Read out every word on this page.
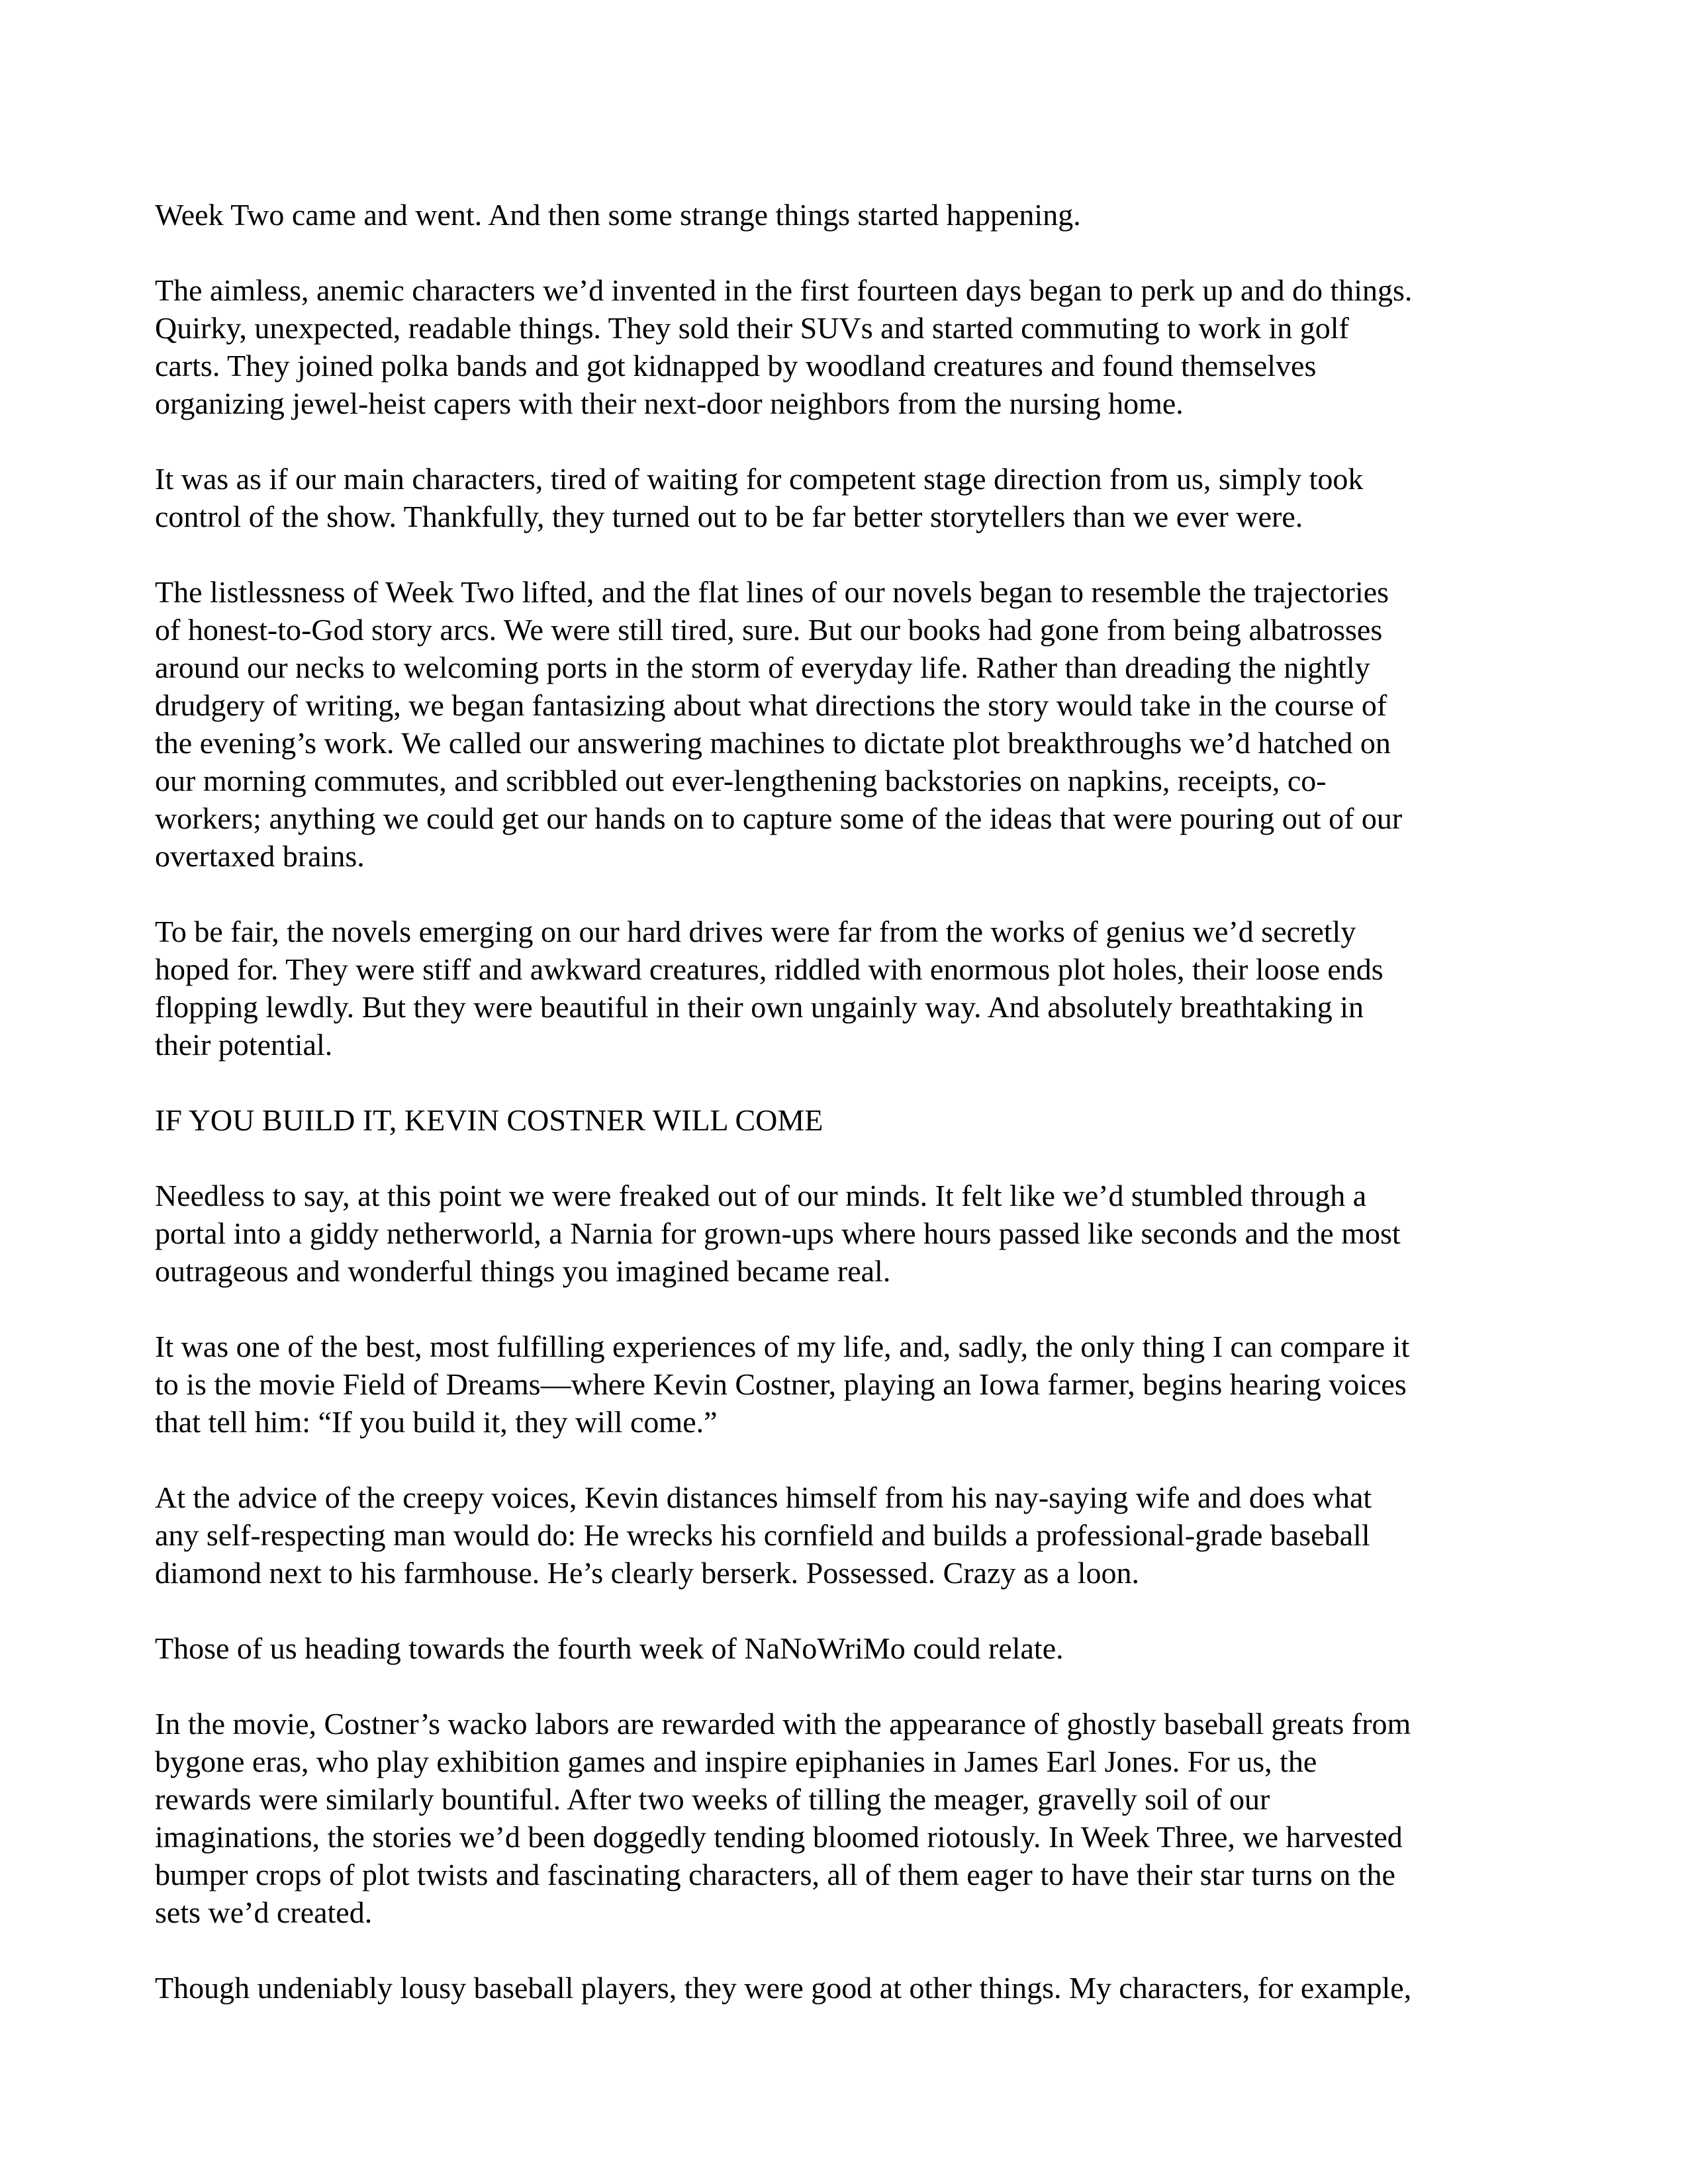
Week Two came and went. And then some strange things started happening.

The aimless, anemic characters we’d invented in the first fourteen days began to perk up and do things.
Quirky, unexpected, readable things. They sold their SUVs and started commuting to work in golf
carts. They joined polka bands and got kidnapped by woodland creatures and found themselves
organizing jewel-heist capers with their next-door neighbors from the nursing home.

It was as if our main characters, tired of waiting for competent stage direction from us, simply took
control of the show. Thankfully, they turned out to be far better storytellers than we ever were.

The listlessness of Week Two lifted, and the flat lines of our novels began to resemble the trajectories
of honest-to-God story arcs. We were still tired, sure. But our books had gone from being albatrosses
around our necks to welcoming ports in the storm of everyday life. Rather than dreading the nightly
drudgery of writing, we began fantasizing about what directions the story would take in the course of
the evening’s work. We called our answering machines to dictate plot breakthroughs we’d hatched on
our morning commutes, and scribbled out ever-lengthening backstories on napkins, receipts, co-
workers; anything we could get our hands on to capture some of the ideas that were pouring out of our
overtaxed brains.

To be fair, the novels emerging on our hard drives were far from the works of genius we’d secretly
hoped for. They were stiff and awkward creatures, riddled with enormous plot holes, their loose ends
flopping lewdly. But they were beautiful in their own ungainly way. And absolutely breathtaking in
their potential.

IF YOU BUILD IT, KEVIN COSTNER WILL COME

Needless to say, at this point we were freaked out of our minds. It felt like we’d stumbled through a
portal into a giddy netherworld, a Narnia for grown-ups where hours passed like seconds and the most
outrageous and wonderful things you imagined became real.

It was one of the best, most fulfilling experiences of my life, and, sadly, the only thing I can compare it
to is the movie Field of Dreams—where Kevin Costner, playing an Iowa farmer, begins hearing voices
that tell him: “If you build it, they will come.”

At the advice of the creepy voices, Kevin distances himself from his nay-saying wife and does what
any self-respecting man would do: He wrecks his cornfield and builds a professional-grade baseball
diamond next to his farmhouse. He’s clearly berserk. Possessed. Crazy as a loon.

Those of us heading towards the fourth week of NaNoWriMo could relate.

In the movie, Costner’s wacko labors are rewarded with the appearance of ghostly baseball greats from
bygone eras, who play exhibition games and inspire epiphanies in James Earl Jones. For us, the
rewards were similarly bountiful. After two weeks of tilling the meager, gravelly soil of our
imaginations, the stories we’d been doggedly tending bloomed riotously. In Week Three, we harvested
bumper crops of plot twists and fascinating characters, all of them eager to have their star turns on the
sets we’d created.

Though undeniably lousy baseball players, they were good at other things. My characters, for example,
